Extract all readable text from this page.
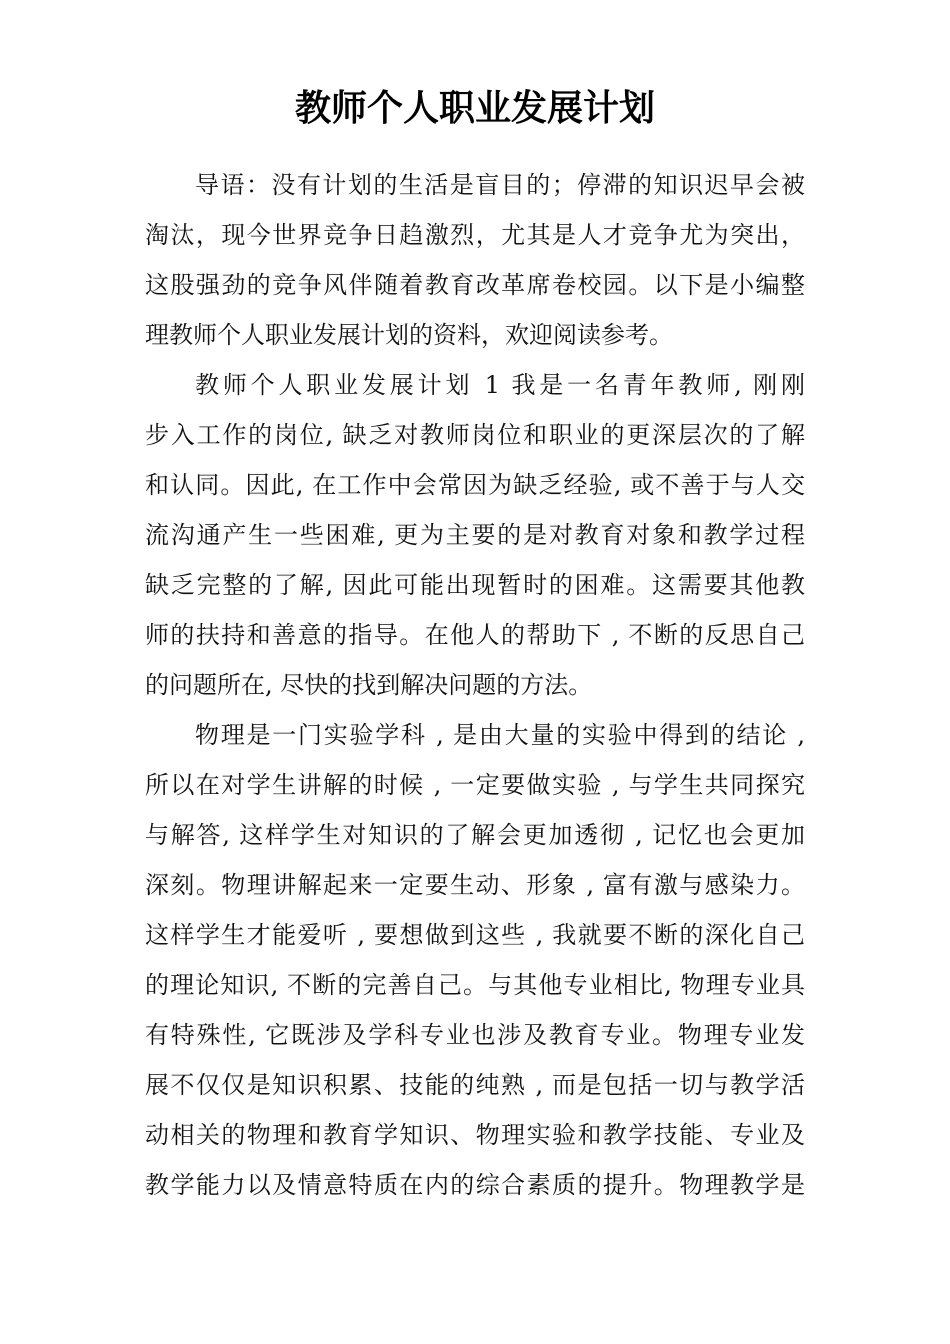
教师个人职业发展计划
导语：没有计划的生活是盲目的；停滞的知识迟早会被
淘汰，现今世界竞争日趋激烈，尤其是人才竞争尤为突出，
这股强劲的竞争风伴随着教育改革席卷校园。以下是小编整
理教师个人职业发展计划的资料，欢迎阅读参考。
教师个人职业发展计划 1 我是一名青年教师, 刚刚
步入工作的岗位, 缺乏对教师岗位和职业的更深层次的了解
和认同。因此, 在工作中会常因为缺乏经验, 或不善于与人交
流沟通产生一些困难, 更为主要的是对教育对象和教学过程
缺乏完整的了解, 因此可能出现暂时的困难。这需要其他教
师的扶持和善意的指导。在他人的帮助下 , 不断的反思自己
的问题所在, 尽快的找到解决问题的方法。
物理是一门实验学科 , 是由大量的实验中得到的结论 ,
所以在对学生讲解的时候 , 一定要做实验 , 与学生共同探究
与解答, 这样学生对知识的了解会更加透彻 , 记忆也会更加
深刻。物理讲解起来一定要生动、形象 , 富有激与感染力。
这样学生才能爱听 , 要想做到这些 , 我就要不断的深化自己
的理论知识, 不断的完善自己。与其他专业相比, 物理专业具
有特殊性, 它既涉及学科专业也涉及教育专业。物理专业发
展不仅仅是知识积累、技能的纯熟 , 而是包括一切与教学活
动相关的物理和教育学知识、物理实验和教学技能、专业及
教学能力以及情意特质在内的综合素质的提升。物理教学是
